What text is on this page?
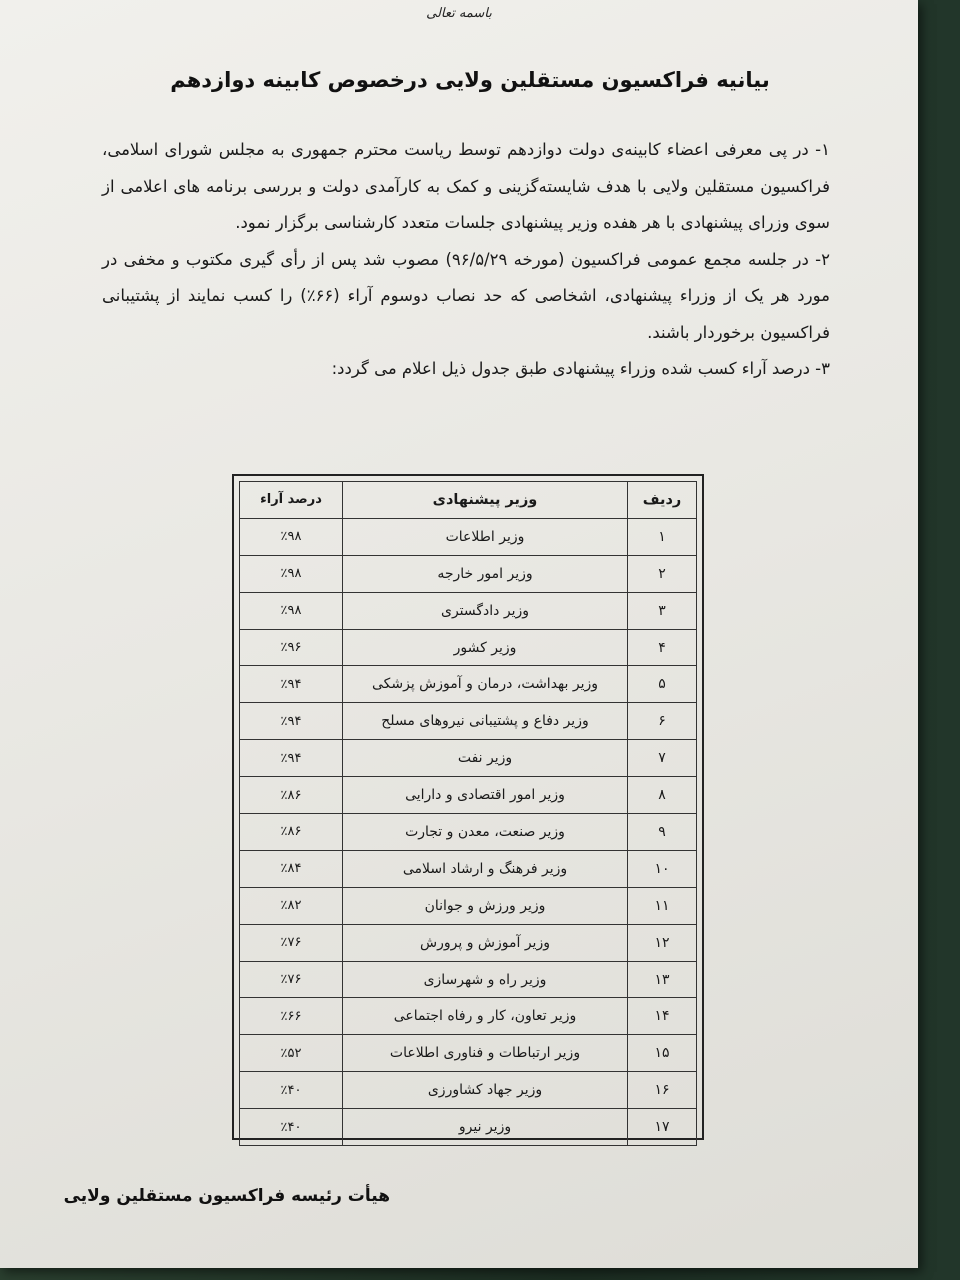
باسمه تعالی
بیانیه فراکسیون مستقلین ولایی درخصوص کابینه دوازدهم

۱- در پی معرفی اعضاء کابینه‌ی دولت دوازدهم توسط ریاست محترم جمهوری به مجلس شورای اسلامی، فراکسیون مستقلین ولایی با هدف شایسته‌گزینی و کمک به کارآمدی دولت و بررسی برنامه های اعلامی از سوی وزرای پیشنهادی با هر هفده وزیر پیشنهادی جلسات متعدد کارشناسی برگزار نمود.

۲- در جلسه مجمع عمومی فراکسیون (مورخه ۹۶/۵/۲۹) مصوب شد پس از رأی گیری مکتوب و مخفی در مورد هر یک از وزراء پیشنهادی، اشخاصی که حد نصاب دوسوم آراء (۶۶٪) را کسب نمایند از پشتیبانی فراکسیون برخوردار باشند.

۳- درصد آراء کسب شده وزراء پیشنهادی طبق جدول ذیل اعلام می گردد:

ردیف	وزیر پیشنهادی	درصد آراء
۱	وزیر اطلاعات	٪۹۸
۲	وزیر امور خارجه	٪۹۸
۳	وزیر دادگستری	٪۹۸
۴	وزیر کشور	٪۹۶
۵	وزیر بهداشت، درمان و آموزش پزشکی	٪۹۴
۶	وزیر دفاع و پشتیبانی نیروهای مسلح	٪۹۴
۷	وزیر نفت	٪۹۴
۸	وزیر امور اقتصادی و دارایی	٪۸۶
۹	وزیر صنعت، معدن و تجارت	٪۸۶
۱۰	وزیر فرهنگ و ارشاد اسلامی	٪۸۴
۱۱	وزیر ورزش و جوانان	٪۸۲
۱۲	وزیر آموزش و پرورش	٪۷۶
۱۳	وزیر راه و شهرسازی	٪۷۶
۱۴	وزیر تعاون، کار و رفاه اجتماعی	٪۶۶
۱۵	وزیر ارتباطات و فناوری اطلاعات	٪۵۲
۱۶	وزیر جهاد کشاورزی	٪۴۰
۱۷	وزیر نیرو	٪۴۰
هیأت رئیسه فراکسیون مستقلین ولایی
